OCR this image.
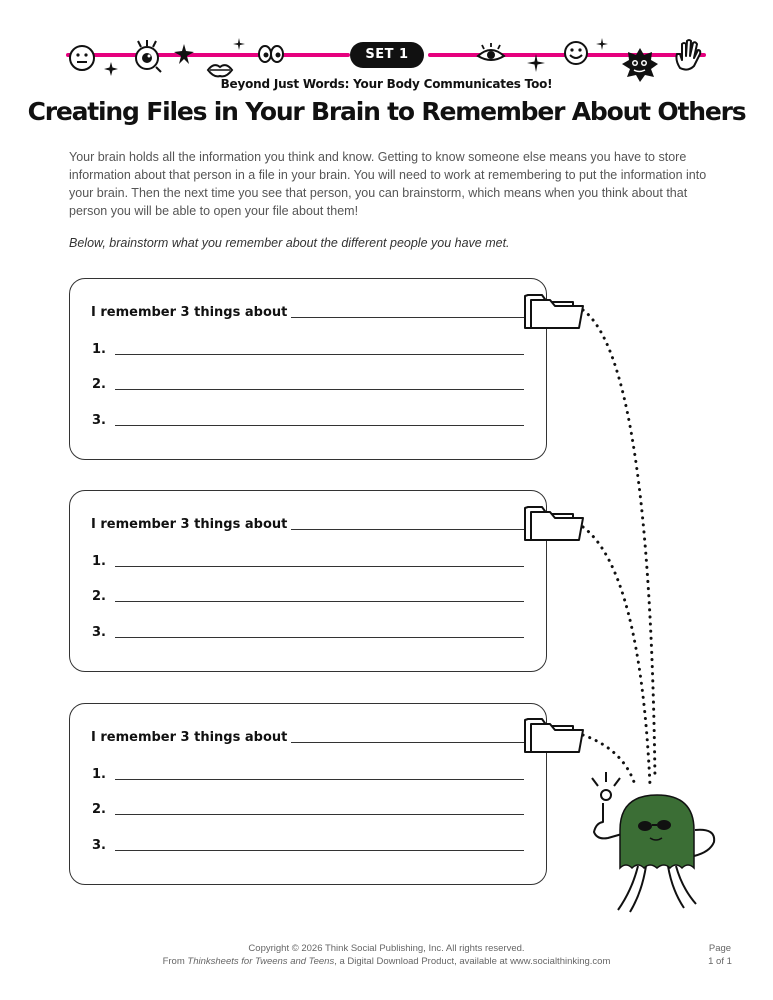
SET 1
Beyond Just Words: Your Body Communicates Too!
Creating Files in Your Brain to Remember About Others

Your brain holds all the information you think and know. Getting to know someone else means you have to store information about that person in a file in your brain. You will need to work at remembering to put the information into your brain. Then the next time you see that person, you can brainstorm, which means when you think about that person you will be able to open your file about them!

Below, brainstorm what you remember about the different people you have met.

I remember 3 things about
1.
2.
3.
I remember 3 things about
1.
2.
3.
I remember 3 things about
1.
2.
3.
Copyright © 2026 Think Social Publishing, Inc. All rights reserved.
From Thinksheets for Tweens and Teens, a Digital Download Product, available at www.socialthinking.com
Page
1 of 1
